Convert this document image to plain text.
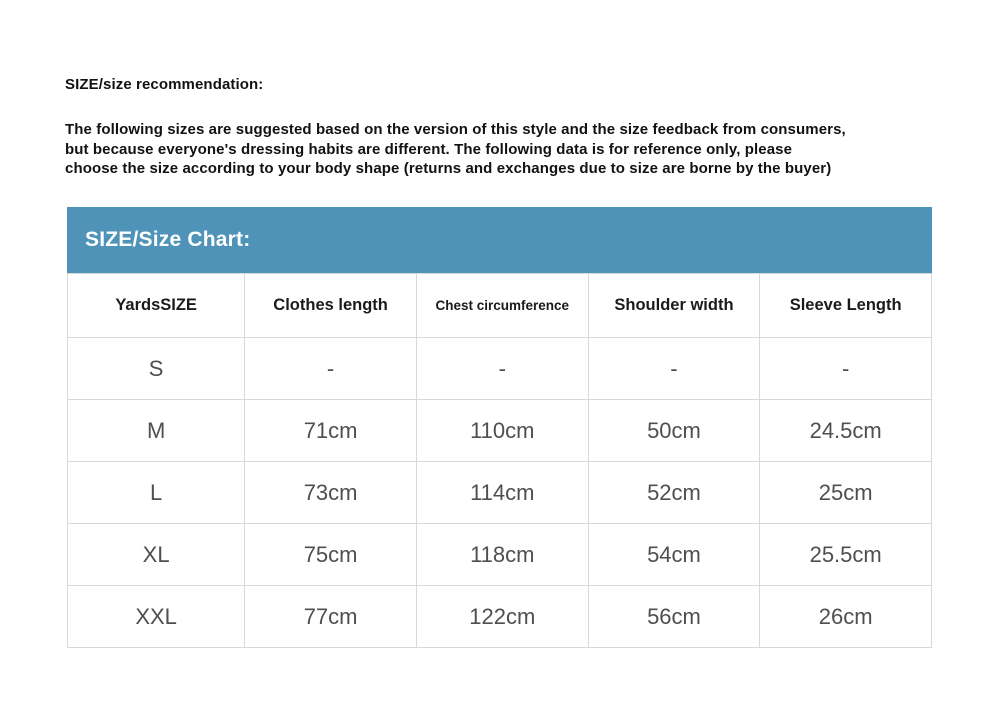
SIZE/size recommendation:
The following sizes are suggested based on the version of this style and the size feedback from consumers,
but because everyone's dressing habits are different. The following data is for reference only, please
choose the size according to your body shape (returns and exchanges due to size are borne by the buyer)
SIZE/Size Chart:
YardsSIZE	Clothes length	Chest circumference	Shoulder width	Sleeve Length
S	-	-	-	-
M	71cm	110cm	50cm	24.5cm
L	73cm	114cm	52cm	25cm
XL	75cm	118cm	54cm	25.5cm
XXL	77cm	122cm	56cm	26cm
